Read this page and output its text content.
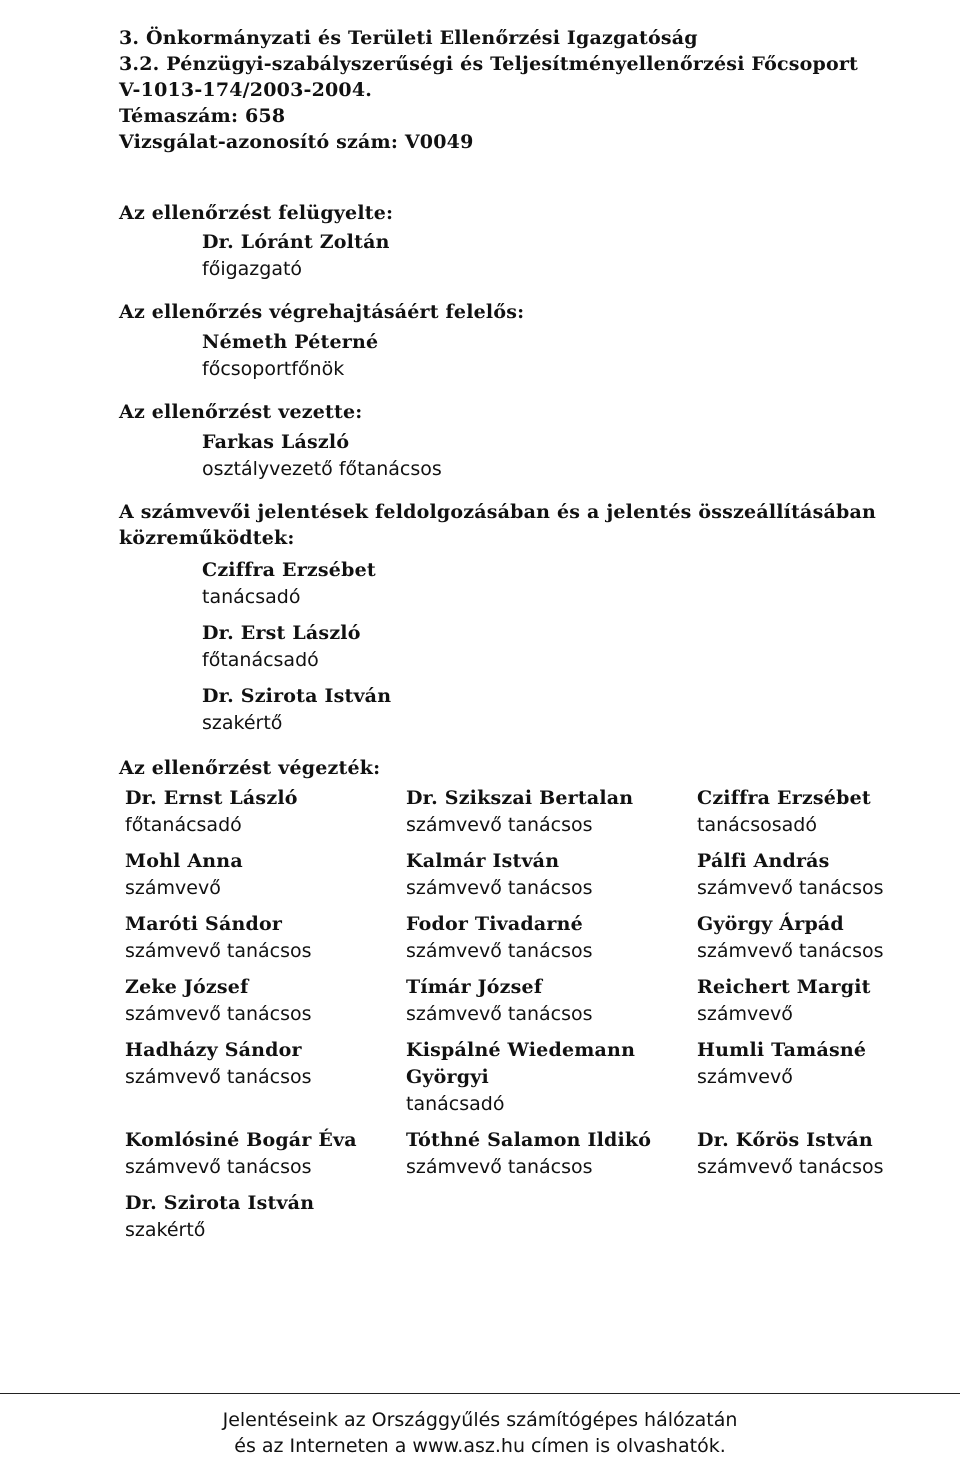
3. Önkormányzati és Területi Ellenőrzési Igazgatóság
3.2. Pénzügyi-szabályszerűségi és Teljesítményellenőrzési Főcsoport
V-1013-174/2003-2004.
Témaszám: 658
Vizsgálat-azonosító szám: V0049
Az ellenőrzést felügyelte:
Dr. Lóránt Zoltán
főigazgató
Az ellenőrzés végrehajtásáért felelős:
Németh Péterné
főcsoportfőnök
Az ellenőrzést vezette:
Farkas László
osztályvezető főtanácsos
A számvevői jelentések feldolgozásában és a jelentés összeállításában
közreműködtek:
Cziffra Erzsébet
tanácsadó
Dr. Erst László
főtanácsadó
Dr. Szirota István
szakértő
Az ellenőrzést végezték:
Dr. Ernst László
főtanácsadó
Mohl Anna
számvevő
Maróti Sándor
számvevő tanácsos
Zeke József
számvevő tanácsos
Hadházy Sándor
számvevő tanácsos
Komlósiné Bogár Éva
számvevő tanácsos
Dr. Szirota István
szakértő
Dr. Szikszai Bertalan
számvevő tanácsos
Kalmár István
számvevő tanácsos
Fodor Tivadarné
számvevő tanácsos
Tímár József
számvevő tanácsos
Kispálné Wiedemann
Györgyi
tanácsadó
Tóthné Salamon Ildikó
számvevő tanácsos
Cziffra Erzsébet
tanácsosadó
Pálfi András
számvevő tanácsos
György Árpád
számvevő tanácsos
Reichert Margit
számvevő
Humli Tamásné
számvevő
Dr. Kőrös István
számvevő tanácsos
Jelentéseink az Országgyűlés számítógépes hálózatán
és az Interneten a www.asz.hu címen is olvashatók.
